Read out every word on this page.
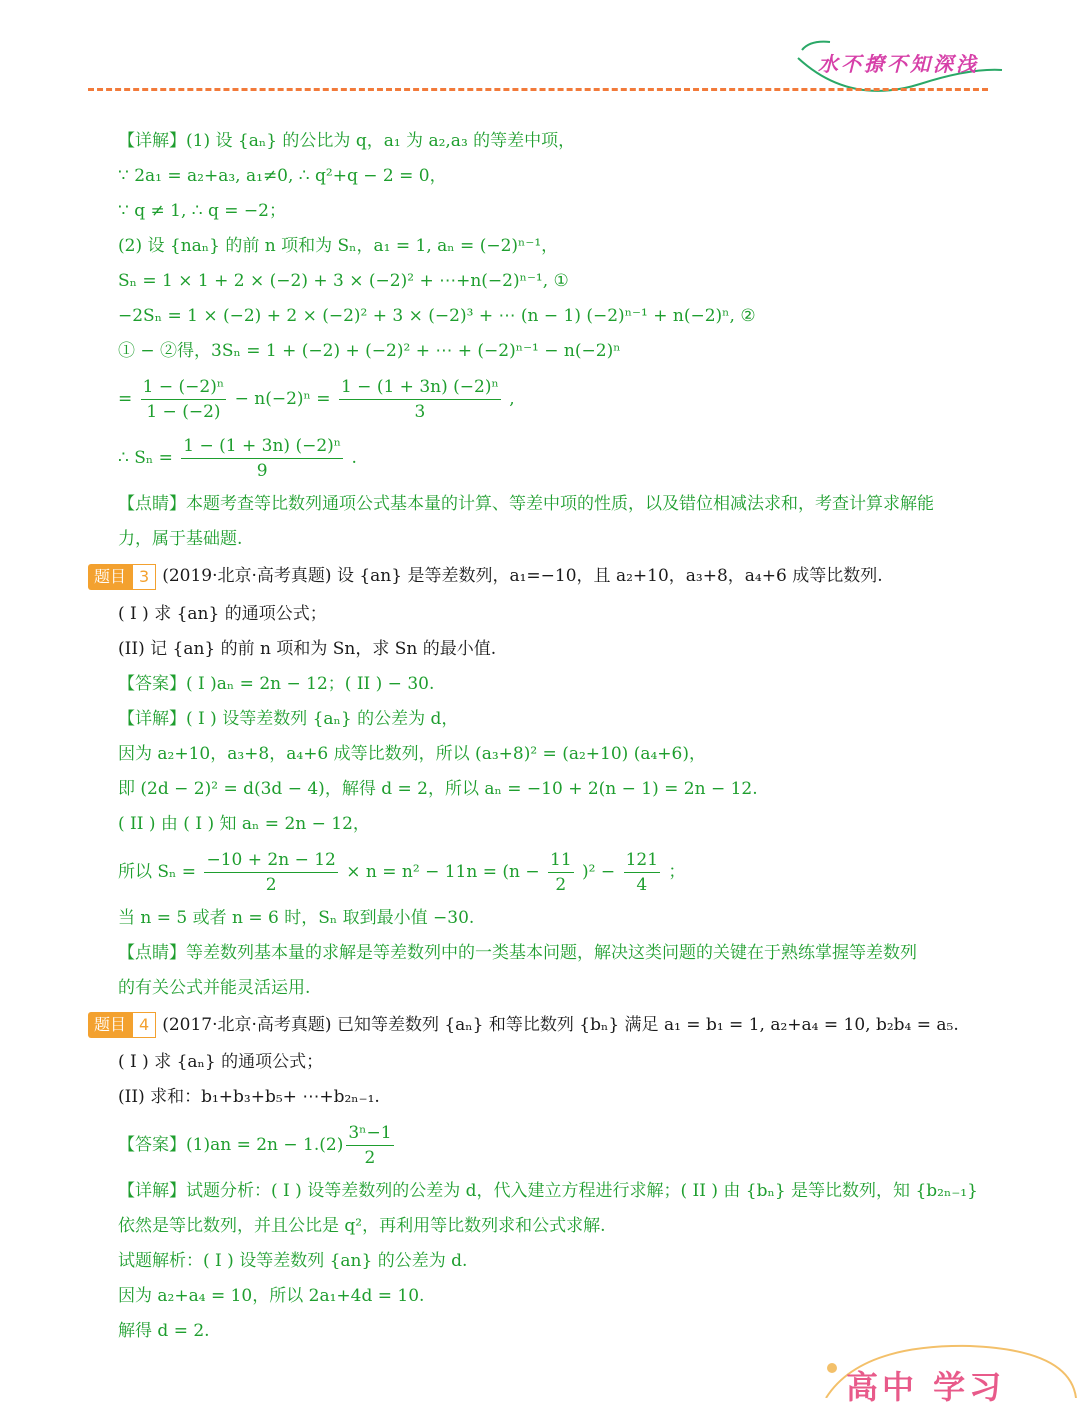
水不撩不知深浅
【详解】(1) 设 {aₙ} 的公比为 q，a₁ 为 a₂,a₃ 的等差中项，
∵ 2a₁ = a₂+a₃, a₁≠0, ∴ q²+q − 2 = 0，
∵ q ≠ 1, ∴ q = −2；
(2) 设 {naₙ} 的前 n 项和为 Sₙ，a₁ = 1, aₙ = (−2)ⁿ⁻¹，
Sₙ = 1 × 1 + 2 × (−2) + 3 × (−2)² + ⋯+n(−2)ⁿ⁻¹, ①
−2Sₙ = 1 × (−2) + 2 × (−2)² + 3 × (−2)³ + ⋯ (n − 1) (−2)ⁿ⁻¹ + n(−2)ⁿ, ②
① − ②得，3Sₙ = 1 + (−2) + (−2)² + ⋯ + (−2)ⁿ⁻¹ − n(−2)ⁿ
= $\frac{\text{1 − (−2)ⁿ}}{1 - (-2)} - n(-2)^n = \frac{\text{1 − (1 + 3n) (−2)ⁿ}}{3}$ ,
∴ $S_n = \frac{\text{1 − (1 + 3n) (−2)ⁿ}}{9}$ .
【点睛】本题考查等比数列通项公式基本量的计算、等差中项的性质，以及错位相减法求和，考查计算求解能
力，属于基础题.
题目 3 (2019·北京·高考真题) 设 {an} 是等差数列，a₁=−10，且 a₂+10，a₃+8，a₄+6 成等比数列.
( I ) 求 {an} 的通项公式；
(II) 记 {an} 的前 n 项和为 Sn，求 Sn 的最小值.
【答案】( I )aₙ = 2n − 12；( II ) − 30.
【详解】( I ) 设等差数列 {aₙ} 的公差为 d，
因为 a₂+10，a₃+8，a₄+6 成等比数列，所以 (a₃+8)² = (a₂+10) (a₄+6)，
即 (2d − 2)² = d(3d − 4)，解得 d = 2，所以 aₙ = −10 + 2(n − 1) = 2n − 12.
( II ) 由 ( I ) 知 aₙ = 2n − 12，
所以 $S_n = \frac{-10 + 2n - 12}{2} \times n = n^2 - 11n = (n - \frac{11}{2} )^2 - \frac{121}{4}$ ；
当 n = 5 或者 n = 6 时，Sₙ 取到最小值 −30.
【点睛】等差数列基本量的求解是等差数列中的一类基本问题，解决这类问题的关键在于熟练掌握等差数列
的有关公式并能灵活运用.
题目 4 (2017·北京·高考真题) 已知等差数列 {aₙ} 和等比数列 {bₙ} 满足 a₁ = b₁ = 1, a₂+a₄ = 10, b₂b₄ = a₅.
( I ) 求 {aₙ} 的通项公式；
(II) 求和：b₁+b₃+b₅+ ⋯+b₂ₙ₋₁.
【答案】$(1)an = 2n - 1.(2) \frac{\text{3ⁿ−1}}{2}$
【详解】试题分析：( I ) 设等差数列的公差为 d，代入建立方程进行求解；( II ) 由 {bₙ} 是等比数列，知 {b₂ₙ₋₁}
依然是等比数列，并且公比是 q²，再利用等比数列求和公式求解.
试题解析：( I ) 设等差数列 {an} 的公差为 d.
因为 a₂+a₄ = 10，所以 2a₁+4d = 10.
解得 d = 2.
高中 学习
